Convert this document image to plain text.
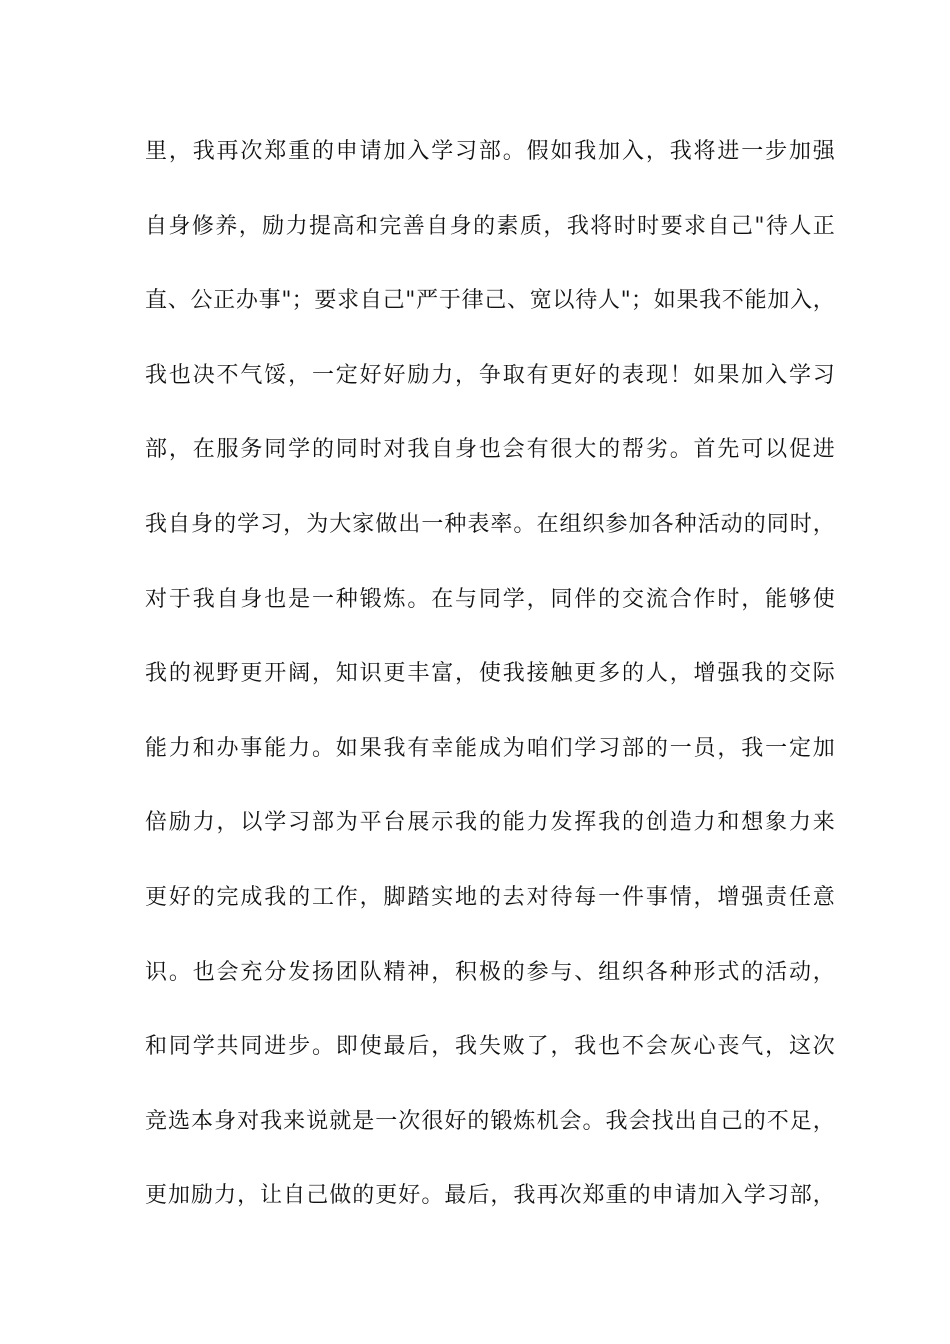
里，我再次郑重的申请加入学习部。假如我加入，我将进一步加强
自身修养，励力提高和完善自身的素质，我将时时要求自己"待人正
直、公正办事"；要求自己"严于律己、宽以待人"；如果我不能加入，
我也决不气馁，一定好好励力，争取有更好的表现！如果加入学习
部，在服务同学的同时对我自身也会有很大的帮劣。首先可以促进
我自身的学习，为大家做出一种表率。在组织参加各种活动的同时，
对于我自身也是一种锻炼。在与同学，同伴的交流合作时，能够使
我的视野更开阔，知识更丰富，使我接触更多的人，增强我的交际
能力和办事能力。如果我有幸能成为咱们学习部的一员，我一定加
倍励力，以学习部为平台展示我的能力发挥我的创造力和想象力来
更好的完成我的工作，脚踏实地的去对待每一件事情，增强责任意
识。也会充分发扬团队精神，积极的参与、组织各种形式的活动，
和同学共同进步。即使最后，我失败了，我也不会灰心丧气，这次
竞选本身对我来说就是一次很好的锻炼机会。我会找出自己的不足，
更加励力，让自己做的更好。最后，我再次郑重的申请加入学习部，
